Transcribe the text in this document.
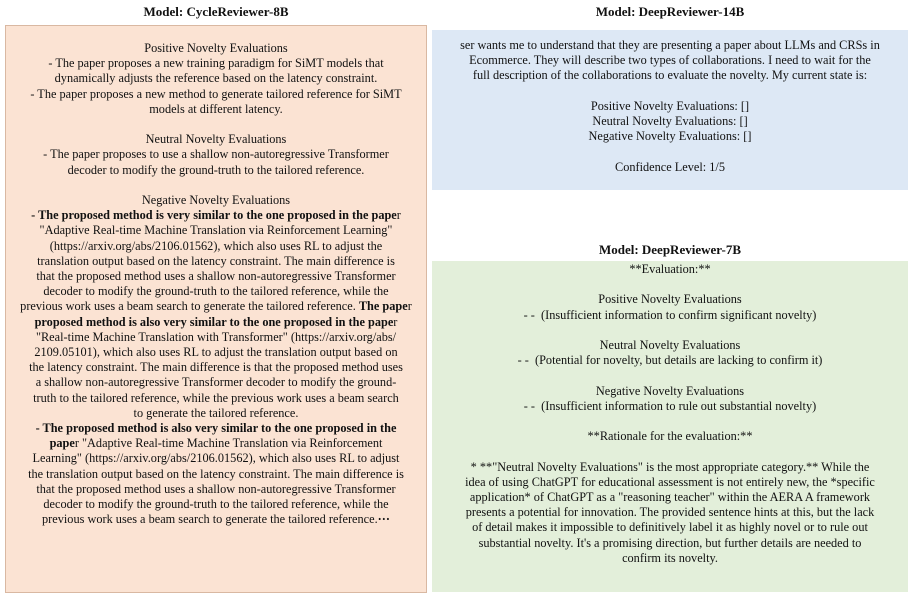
Model: CycleReviewer-8B	Model: DeepReviewer-14B
Positive Novelty Evaluations
- The paper proposes a new training paradigm for SiMT models that
dynamically adjusts the reference based on the latency constraint.
- The paper proposes a new method to generate tailored reference for SiMT
models at different latency.
Neutral Novelty Evaluations
- The paper proposes to use a shallow non-autoregressive Transformer
decoder to modify the ground-truth to the tailored reference.
Negative Novelty Evaluations
- The proposed method is very similar to the one proposed in the paper
"Adaptive Real-time Machine Translation via Reinforcement Learning"
(https://arxiv.org/abs/2106.01562), which also uses RL to adjust the
translation output based on the latency constraint. The main difference is
that the proposed method uses a shallow non-autoregressive Transformer
decoder to modify the ground-truth to the tailored reference, while the
previous work uses a beam search to generate the tailored reference. The paper
proposed method is also very similar to the one proposed in the paper
"Real-time Machine Translation with Transformer" (https://arxiv.org/abs/
2109.05101), which also uses RL to adjust the translation output based on
the latency constraint. The main difference is that the proposed method uses
a shallow non-autoregressive Transformer decoder to modify the ground-
truth to the tailored reference, while the previous work uses a beam search
to generate the tailored reference.
- The proposed method is also very similar to the one proposed in the
paper "Adaptive Real-time Machine Translation via Reinforcement
Learning" (https://arxiv.org/abs/2106.01562), which also uses RL to adjust
the translation output based on the latency constraint. The main difference is
that the proposed method uses a shallow non-autoregressive Transformer
decoder to modify the ground-truth to the tailored reference, while the
previous work uses a beam search to generate the tailored reference.···
ser wants me to understand that they are presenting a paper about LLMs and CRSs in
Ecommerce. They will describe two types of collaborations. I need to wait for the
full description of the collaborations to evaluate the novelty. My current state is:
Positive Novelty Evaluations: []
Neutral Novelty Evaluations: []
Negative Novelty Evaluations: []
Confidence Level: 1/5
Model: DeepReviewer-7B
**Evaluation:**
Positive Novelty Evaluations
- -  (Insufficient information to confirm significant novelty)
Neutral Novelty Evaluations
- -  (Potential for novelty, but details are lacking to confirm it)
Negative Novelty Evaluations
- -  (Insufficient information to rule out substantial novelty)
**Rationale for the evaluation:**
* **"Neutral Novelty Evaluations" is the most appropriate category.** While the
idea of using ChatGPT for educational assessment is not entirely new, the *specific
application* of ChatGPT as a "reasoning teacher" within the AERA A framework
presents a potential for innovation. The provided sentence hints at this, but the lack
of detail makes it impossible to definitively label it as highly novel or to rule out
substantial novelty. It's a promising direction, but further details are needed to
confirm its novelty.
